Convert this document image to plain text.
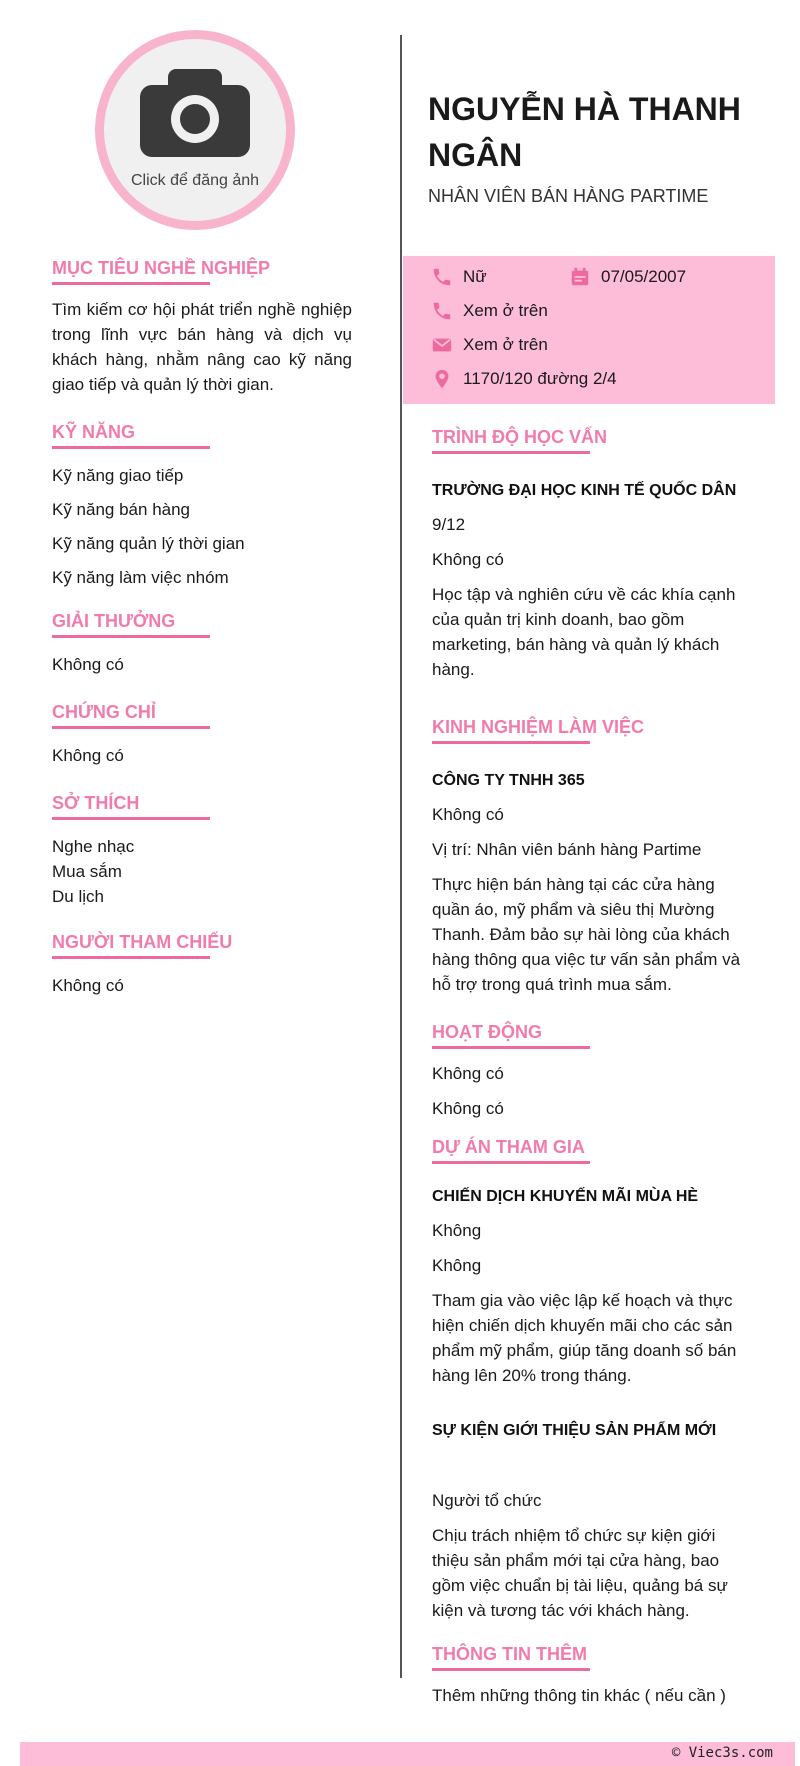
Click để đăng ảnh
MỤC TIÊU NGHỀ NGHIỆP
Tìm kiếm cơ hội phát triển nghề nghiệp trong lĩnh vực bán hàng và dịch vụ khách hàng, nhằm nâng cao kỹ năng giao tiếp và quản lý thời gian.
KỸ NĂNG
Kỹ năng giao tiếp
Kỹ năng bán hàng
Kỹ năng quản lý thời gian
Kỹ năng làm việc nhóm
GIẢI THƯỞNG
Không có
CHỨNG CHỈ
Không có
SỞ THÍCH
Nghe nhạc
Mua sắm
Du lịch
NGƯỜI THAM CHIẾU
Không có
NGUYỄN HÀ THANH NGÂN
NHÂN VIÊN BÁN HÀNG PARTIME
Nữ	07/05/2007
Xem ở trên
Xem ở trên
1170/120 đường 2/4
TRÌNH ĐỘ HỌC VẤN
TRƯỜNG ĐẠI HỌC KINH TẾ QUỐC DÂN
9/12
Không có
Học tập và nghiên cứu về các khía cạnh của quản trị kinh doanh, bao gồm marketing, bán hàng và quản lý khách hàng.
KINH NGHIỆM LÀM VIỆC
CÔNG TY TNHH 365
Không có
Vị trí: Nhân viên bánh hàng Partime
Thực hiện bán hàng tại các cửa hàng quần áo, mỹ phẩm và siêu thị Mường Thanh. Đảm bảo sự hài lòng của khách hàng thông qua việc tư vấn sản phẩm và hỗ trợ trong quá trình mua sắm.
HOẠT ĐỘNG
Không có
Không có
DỰ ÁN THAM GIA
CHIẾN DỊCH KHUYẾN MÃI MÙA HÈ
Không
Không
Tham gia vào việc lập kế hoạch và thực hiện chiến dịch khuyến mãi cho các sản phẩm mỹ phẩm, giúp tăng doanh số bán hàng lên 20% trong tháng.
SỰ KIỆN GIỚI THIỆU SẢN PHẨM MỚI
Người tổ chức
Chịu trách nhiệm tổ chức sự kiện giới thiệu sản phẩm mới tại cửa hàng, bao gồm việc chuẩn bị tài liệu, quảng bá sự kiện và tương tác với khách hàng.
THÔNG TIN THÊM
Thêm những thông tin khác ( nếu cần )
© Viec3s.com
